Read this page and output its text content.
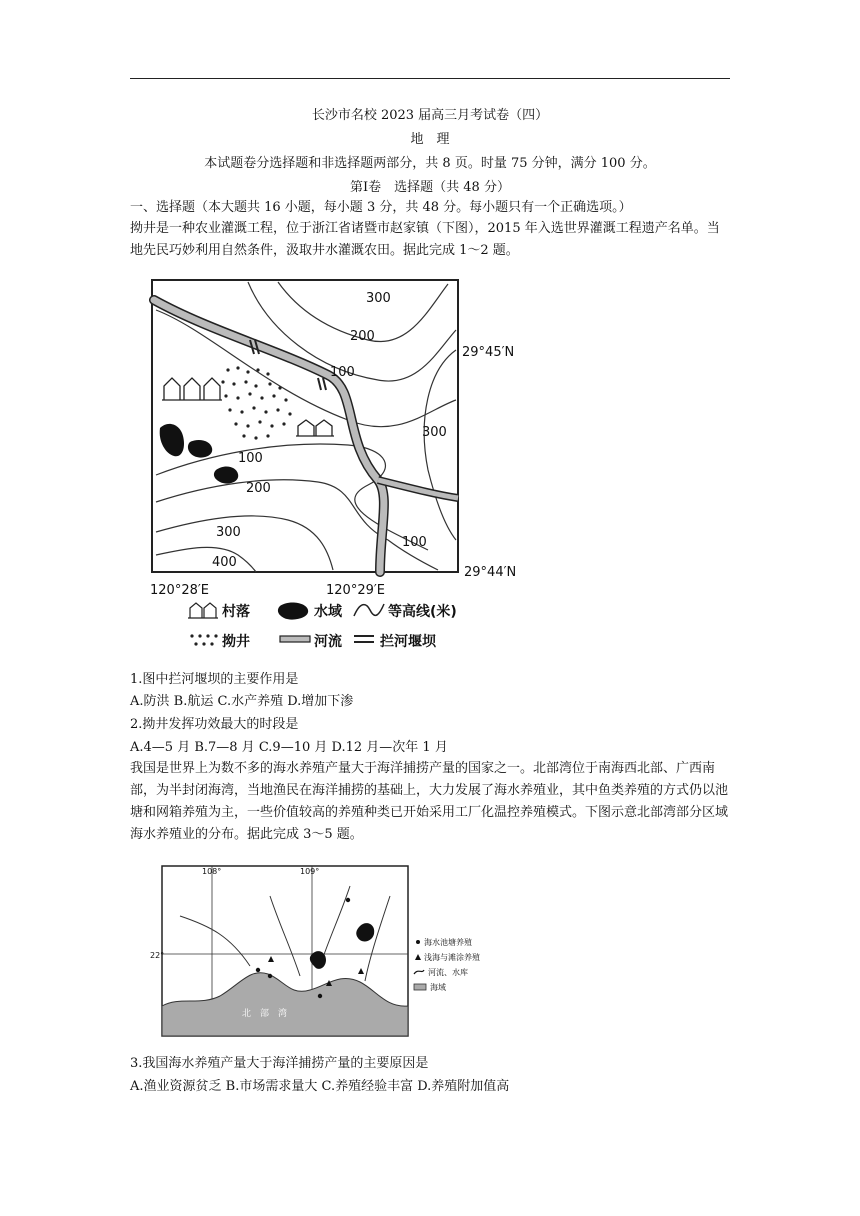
长沙市名校 2023 届高三月考试卷（四）
地　理
本试题卷分选择题和非选择题两部分，共 8 页。时量 75 分钟，满分 100 分。
第Ⅰ卷　选择题（共 48 分）
一、选择题（本大题共 16 小题，每小题 3 分，共 48 分。每小题只有一个正确选项。）
拗井是一种农业灌溉工程，位于浙江省诸暨市赵家镇（下图），2015 年入选世界灌溉工程遗产名单。当地先民巧妙利用自然条件，汲取井水灌溉农田。据此完成 1～2 题。
300
200
100
300
100
200
300
400
100
29°45′N
29°44′N
120°28′E	120°29′E
村落	水域	等高线(米)
拗井	河流	拦河堰坝
1.图中拦河堰坝的主要作用是
A.防洪 B.航运 C.水产养殖 D.增加下渗
2.拗井发挥功效最大的时段是
A.4—5 月 B.7—8 月 C.9—10 月 D.12 月—次年 1 月
我国是世界上为数不多的海水养殖产量大于海洋捕捞产量的国家之一。北部湾位于南海西北部、广西南部，为半封闭海湾，当地渔民在海洋捕捞的基础上，大力发展了海水养殖业，其中鱼类养殖的方式仍以池塘和网箱养殖为主，一些价值较高的养殖种类已开始采用工厂化温控养殖模式。下图示意北部湾部分区域海水养殖业的分布。据此完成 3～5 题。
108°	109°
22°
北　部　湾
海水池塘养殖
浅海与滩涂养殖
河流、水库
海域
3.我国海水养殖产量大于海洋捕捞产量的主要原因是
A.渔业资源贫乏 B.市场需求量大 C.养殖经验丰富 D.养殖附加值高
